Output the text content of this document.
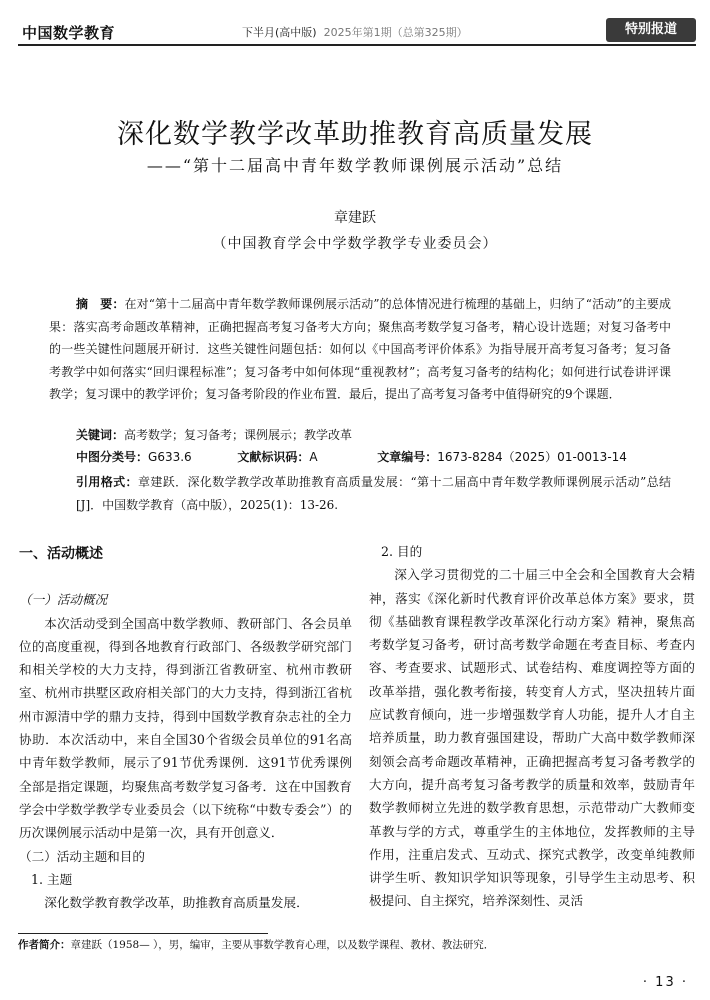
中国数学教育	下半月(高中版) 2025年第1期（总第325期）	特别报道
深化数学教学改革助推教育高质量发展
——“第十二届高中青年数学教师课例展示活动”总结
章建跃
（中国教育学会中学数学教学专业委员会）
摘　要：在对“第十二届高中青年数学教师课例展示活动”的总体情况进行梳理的基础上，归纳了“活动”的主要成果：落实高考命题改革精神，正确把握高考复习备考大方向；聚焦高考数学复习备考，精心设计选题；对复习备考中的一些关键性问题展开研讨．这些关键性问题包括：如何以《中国高考评价体系》为指导展开高考复习备考；复习备考教学中如何落实“回归课程标准”；复习备考中如何体现“重视教材”；高考复习备考的结构化；如何进行试卷讲评课教学；复习课中的教学评价；复习备考阶段的作业布置．最后，提出了高考复习备考中值得研究的9个课题．
关键词：高考数学；复习备考；课例展示；教学改革
中图分类号：G633.6	文献标识码：A	文章编号：1673-8284（2025）01-0013-14
引用格式：章建跃．深化数学教学改革助推教育高质量发展：“第十二届高中青年数学教师课例展示活动”总结[J]．中国数学教育（高中版），2025(1)：13-26.
一、活动概述
（一）活动概况

本次活动受到全国高中数学教师、教研部门、各会员单位的高度重视，得到各地教育行政部门、各级教学研究部门和相关学校的大力支持，得到浙江省教研室、杭州市教研室、杭州市拱墅区政府相关部门的大力支持，得到浙江省杭州市源清中学的鼎力支持，得到中国数学教育杂志社的全力协助．本次活动中，来自全国30个省级会员单位的91名高中青年数学教师，展示了91节优秀课例．这91节优秀课例全部是指定课题，均聚焦高考数学复习备考．这在中国教育学会中学数学教学专业委员会（以下统称“中数专委会”）的历次课例展示活动中是第一次，具有开创意义．

（二）活动主题和目的
1. 主题

深化数学教育教学改革，助推教育高质量发展．

2. 目的

深入学习贯彻党的二十届三中全会和全国教育大会精神，落实《深化新时代教育评价改革总体方案》要求，贯彻《基础教育课程教学改革深化行动方案》精神，聚焦高考数学复习备考，研讨高考数学命题在考查目标、考查内容、考查要求、试题形式、试卷结构、难度调控等方面的改革举措，强化教考衔接，转变育人方式，坚决扭转片面应试教育倾向，进一步增强数学育人功能，提升人才自主培养质量，助力教育强国建设，帮助广大高中数学教师深刻领会高考命题改革精神，正确把握高考复习备考教学的大方向，提升高考复习备考教学的质量和效率，鼓励青年数学教师树立先进的数学教育思想，示范带动广大教师变革教与学的方式，尊重学生的主体地位，发挥教师的主导作用，注重启发式、互动式、探究式教学，改变单纯教师讲学生听、教知识学知识等现象，引导学生主动思考、积极提问、自主探究，培养深刻性、灵活

作者简介：章建跃（1958— ），男，编审，主要从事数学教育心理，以及数学课程、教材、教法研究．
· 13 ·
